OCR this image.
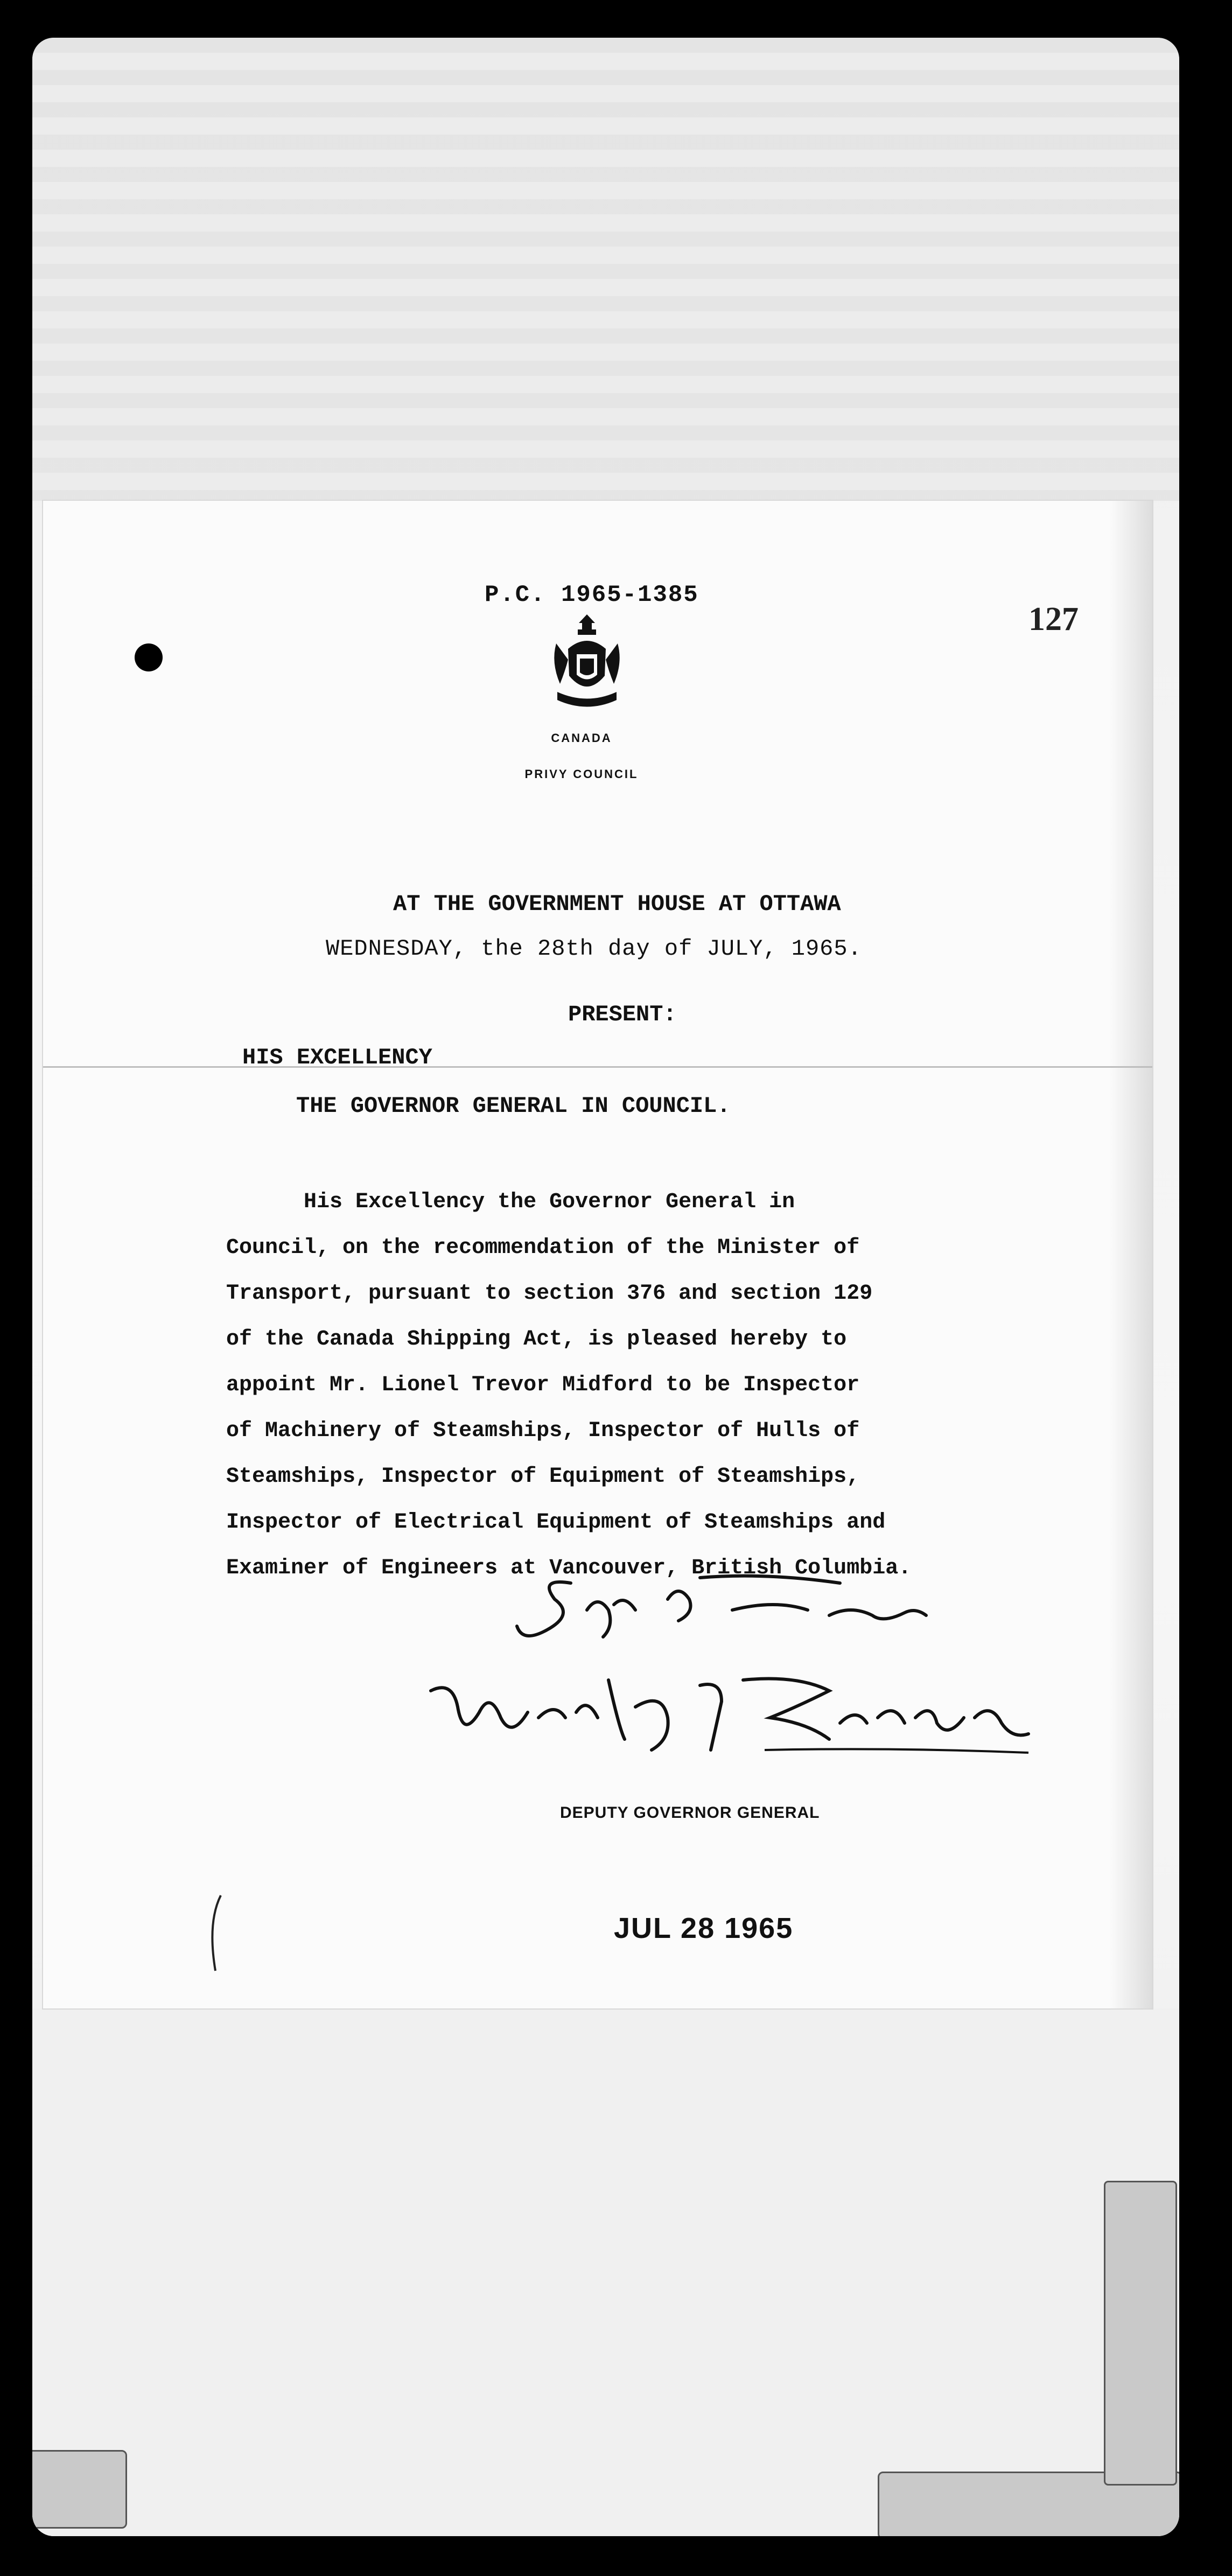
P.C. 1965-1385
127
CANADA
PRIVY COUNCIL
AT THE GOVERNMENT HOUSE AT OTTAWA
WEDNESDAY, the 28th day of JULY, 1965.
PRESENT:
HIS EXCELLENCY
THE GOVERNOR GENERAL IN COUNCIL.
His Excellency the Governor General in
Council, on the recommendation of the Minister of
Transport, pursuant to section 376 and section 129
of the Canada Shipping Act, is pleased hereby to
appoint Mr. Lionel Trevor Midford to be Inspector
of Machinery of Steamships, Inspector of Hulls of
Steamships, Inspector of Equipment of Steamships,
Inspector of Electrical Equipment of Steamships and
Examiner of Engineers at Vancouver, British Columbia.
DEPUTY GOVERNOR GENERAL
JUL 28 1965
